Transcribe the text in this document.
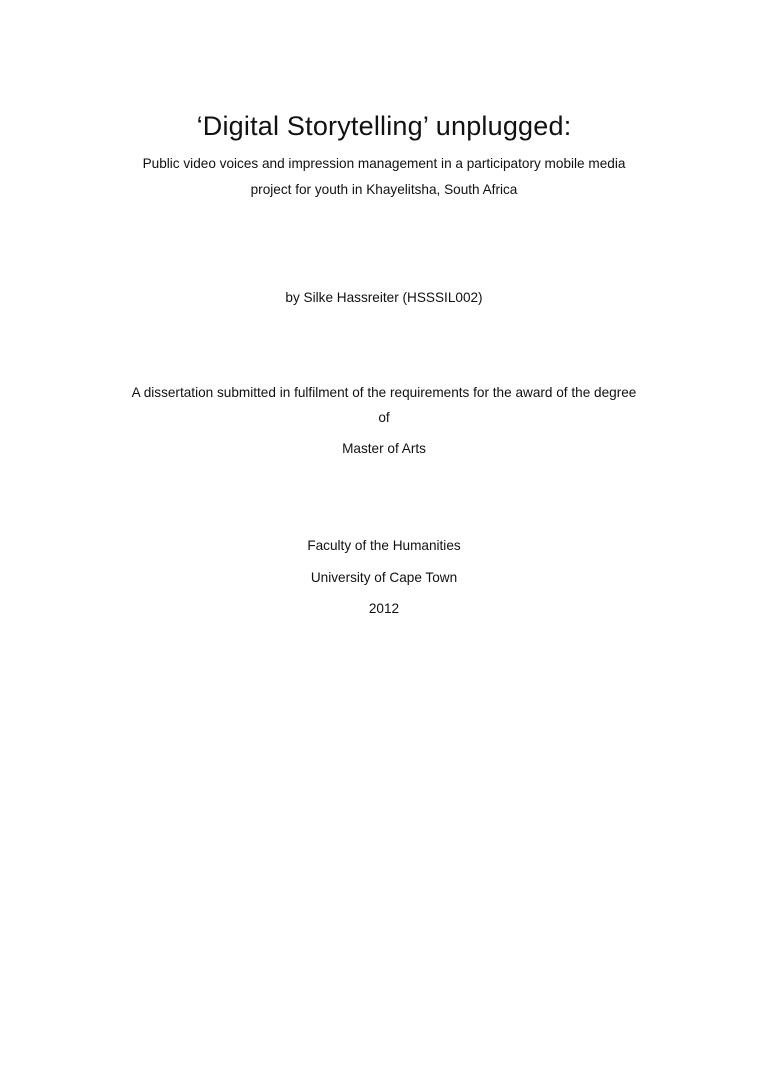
‘Digital Storytelling’ unplugged:
Public video voices and impression management in a participatory mobile media
project for youth in Khayelitsha, South Africa
by Silke Hassreiter (HSSSIL002)
A dissertation submitted in fulfilment of the requirements for the award of the degree
of
Master of Arts
Faculty of the Humanities
University of Cape Town
2012
